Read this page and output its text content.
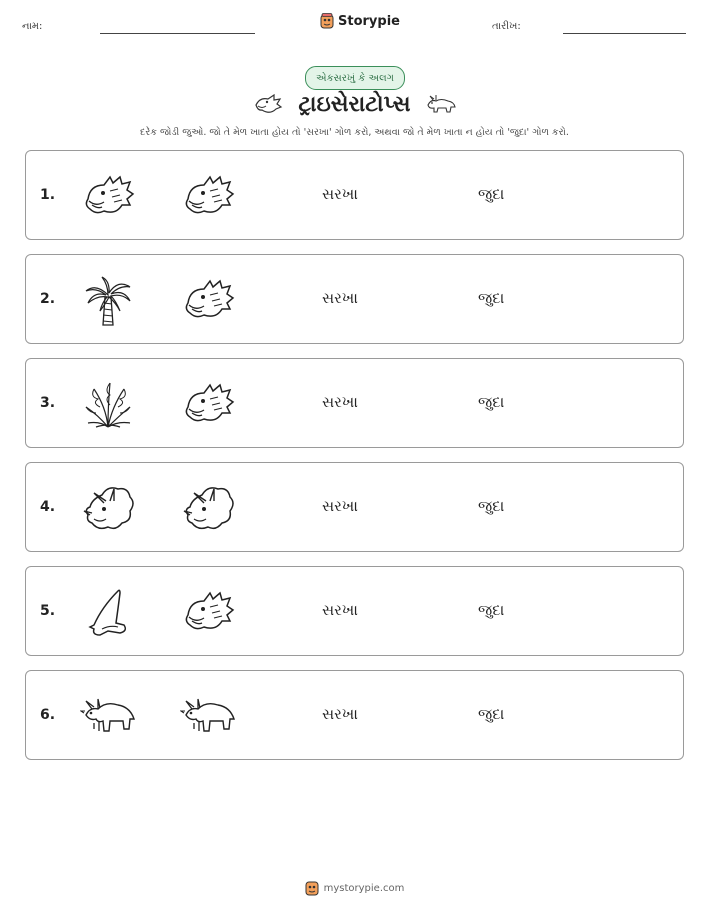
નામ:	Storypie	તારીખ:
એકસરખું કે અલગ
ટ્રાઇસેરાટોપ્સ
દરેક જોડી જુઓ. જો તે મેળ ખાતા હોય તો 'સરખા' ગોળ કરો, અથવા જો તે મેળ ખાતા ન હોય તો 'જુદા' ગોળ કરો.
1.	સરખા	જુદા
2.	સરખા	જુદા
3.	સરખા	જુદા
4.	સરખા	જુદા
5.	સરખા	જુદા
6.	સરખા	જુદા
mystorypie.com
